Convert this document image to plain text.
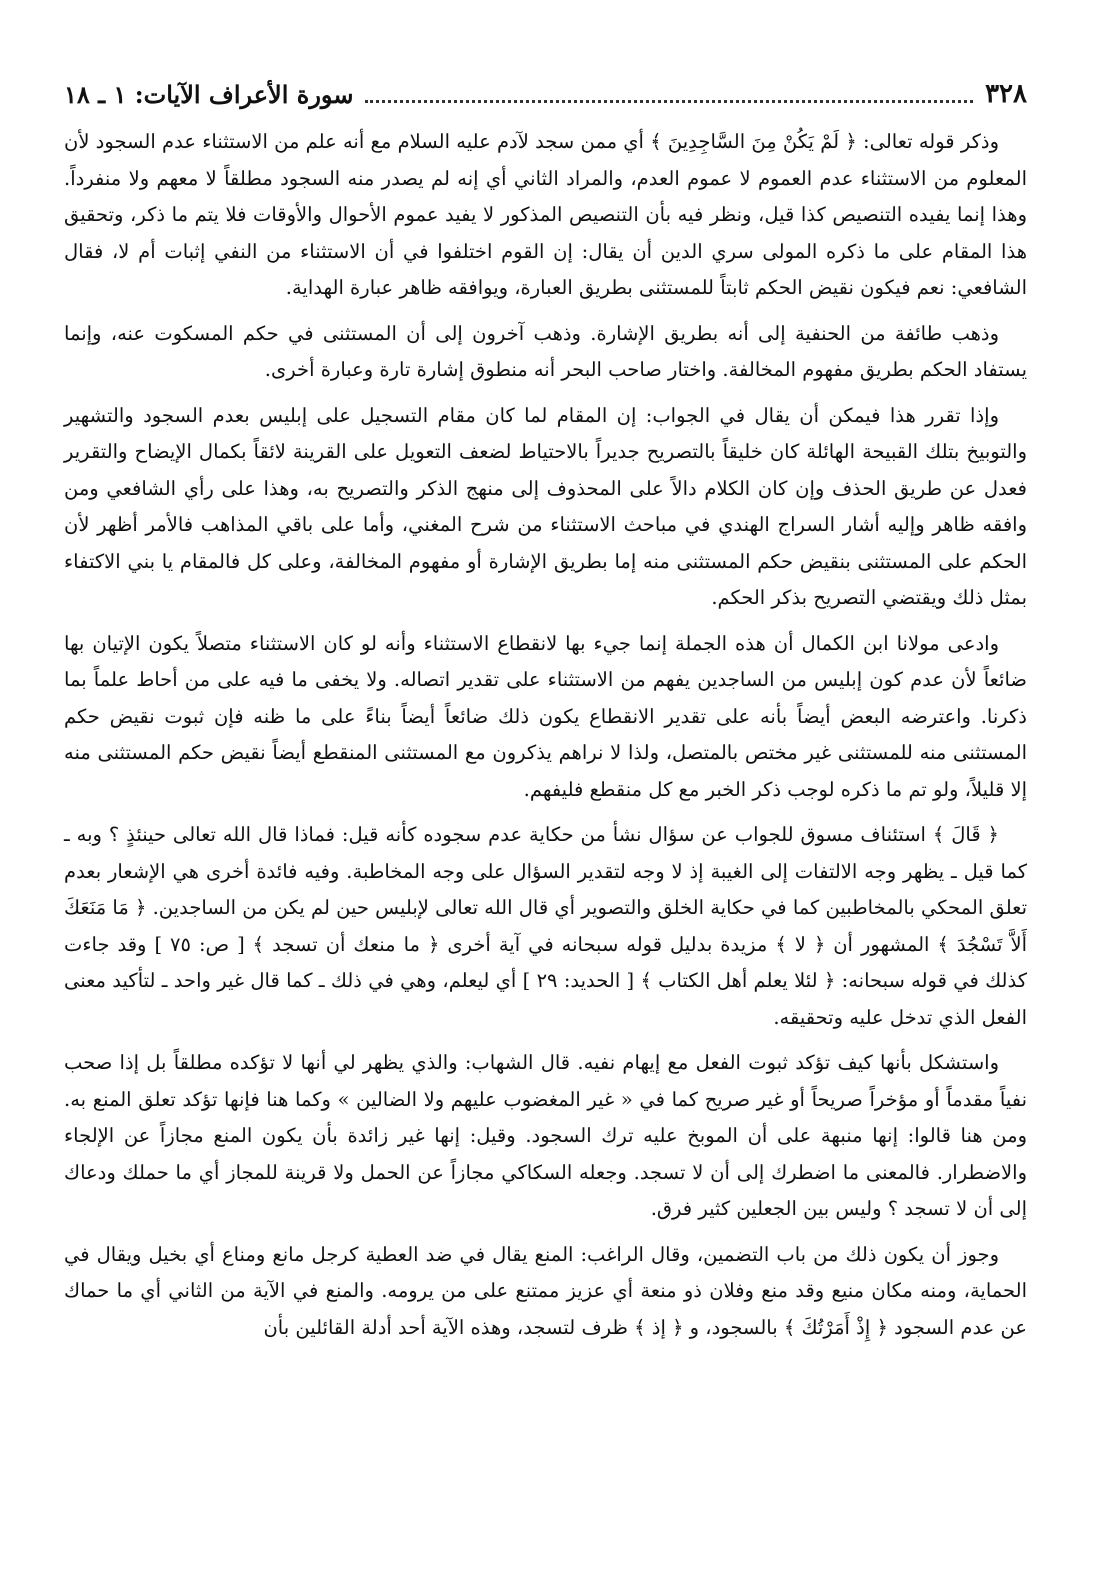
٣٢٨
سورة الأعراف الآيات: ١ ـ ١٨

وذكر قوله تعالى: ﴿ لَمْ يَكُنْ مِنَ السَّاجِدِينَ ﴾ أي ممن سجد لآدم عليه السلام مع أنه علم من الاستثناء عدم السجود لأن المعلوم من الاستثناء عدم العموم لا عموم العدم، والمراد الثاني أي إنه لم يصدر منه السجود مطلقاً لا معهم ولا منفرداً. وهذا إنما يفيده التنصيص كذا قيل، ونظر فيه بأن التنصيص المذكور لا يفيد عموم الأحوال والأوقات فلا يتم ما ذكر، وتحقيق هذا المقام على ما ذكره المولى سري الدين أن يقال: إن القوم اختلفوا في أن الاستثناء من النفي إثبات أم لا، فقال الشافعي: نعم فيكون نقيض الحكم ثابتاً للمستثنى بطريق العبارة، ويوافقه ظاهر عبارة الهداية.

وذهب طائفة من الحنفية إلى أنه بطريق الإشارة. وذهب آخرون إلى أن المستثنى في حكم المسكوت عنه، وإنما يستفاد الحكم بطريق مفهوم المخالفة. واختار صاحب البحر أنه منطوق إشارة تارة وعبارة أخرى.

وإذا تقرر هذا فيمكن أن يقال في الجواب: إن المقام لما كان مقام التسجيل على إبليس بعدم السجود والتشهير والتوبيخ بتلك القبيحة الهائلة كان خليقاً بالتصريح جديراً بالاحتياط لضعف التعويل على القرينة لائقاً بكمال الإيضاح والتقرير فعدل عن طريق الحذف وإن كان الكلام دالاً على المحذوف إلى منهج الذكر والتصريح به، وهذا على رأي الشافعي ومن وافقه ظاهر وإليه أشار السراج الهندي في مباحث الاستثناء من شرح المغني، وأما على باقي المذاهب فالأمر أظهر لأن الحكم على المستثنى بنقيض حكم المستثنى منه إما بطريق الإشارة أو مفهوم المخالفة، وعلى كل فالمقام يا بني الاكتفاء بمثل ذلك ويقتضي التصريح بذكر الحكم.

وادعى مولانا ابن الكمال أن هذه الجملة إنما جيء بها لانقطاع الاستثناء وأنه لو كان الاستثناء متصلاً يكون الإتيان بها ضائعاً لأن عدم كون إبليس من الساجدين يفهم من الاستثناء على تقدير اتصاله. ولا يخفى ما فيه على من أحاط علماً بما ذكرنا. واعترضه البعض أيضاً بأنه على تقدير الانقطاع يكون ذلك ضائعاً أيضاً بناءً على ما ظنه فإن ثبوت نقيض حكم المستثنى منه للمستثنى غير مختص بالمتصل، ولذا لا نراهم يذكرون مع المستثنى المنقطع أيضاً نقيض حكم المستثنى منه إلا قليلاً، ولو تم ما ذكره لوجب ذكر الخبر مع كل منقطع فليفهم.

﴿ قَالَ ﴾ استئناف مسوق للجواب عن سؤال نشأ من حكاية عدم سجوده كأنه قيل: فماذا قال الله تعالى حينئذٍ ؟ وبه ـ كما قيل ـ يظهر وجه الالتفات إلى الغيبة إذ لا وجه لتقدير السؤال على وجه المخاطبة. وفيه فائدة أخرى هي الإشعار بعدم تعلق المحكي بالمخاطبين كما في حكاية الخلق والتصوير أي قال الله تعالى لإبليس حين لم يكن من الساجدين. ﴿ مَا مَنَعَكَ أَلاَّ تَسْجُدَ ﴾ المشهور أن ﴿ لا ﴾ مزيدة بدليل قوله سبحانه في آية أخرى ﴿ ما منعك أن تسجد ﴾ [ ص: ٧٥ ] وقد جاءت كذلك في قوله سبحانه: ﴿ لئلا يعلم أهل الكتاب ﴾ [ الحديد: ٢٩ ] أي ليعلم، وهي في ذلك ـ كما قال غير واحد ـ لتأكيد معنى الفعل الذي تدخل عليه وتحقيقه.

واستشكل بأنها كيف تؤكد ثبوت الفعل مع إيهام نفيه. قال الشهاب: والذي يظهر لي أنها لا تؤكده مطلقاً بل إذا صحب نفياً مقدماً أو مؤخراً صريحاً أو غير صريح كما في « غير المغضوب عليهم ولا الضالين » وكما هنا فإنها تؤكد تعلق المنع به. ومن هنا قالوا: إنها منبهة على أن الموبخ عليه ترك السجود. وقيل: إنها غير زائدة بأن يكون المنع مجازاً عن الإلجاء والاضطرار. فالمعنى ما اضطرك إلى أن لا تسجد. وجعله السكاكي مجازاً عن الحمل ولا قرينة للمجاز أي ما حملك ودعاك إلى أن لا تسجد ؟ وليس بين الجعلين كثير فرق.

وجوز أن يكون ذلك من باب التضمين، وقال الراغب: المنع يقال في ضد العطية كرجل مانع ومناع أي بخيل ويقال في الحماية، ومنه مكان منيع وقد منع وفلان ذو منعة أي عزيز ممتنع على من يرومه. والمنع في الآية من الثاني أي ما حماك عن عدم السجود ﴿ إِذْ أَمَرْتُكَ ﴾ بالسجود، و ﴿ إذ ﴾ ظرف لتسجد، وهذه الآية أحد أدلة القائلين بأن
